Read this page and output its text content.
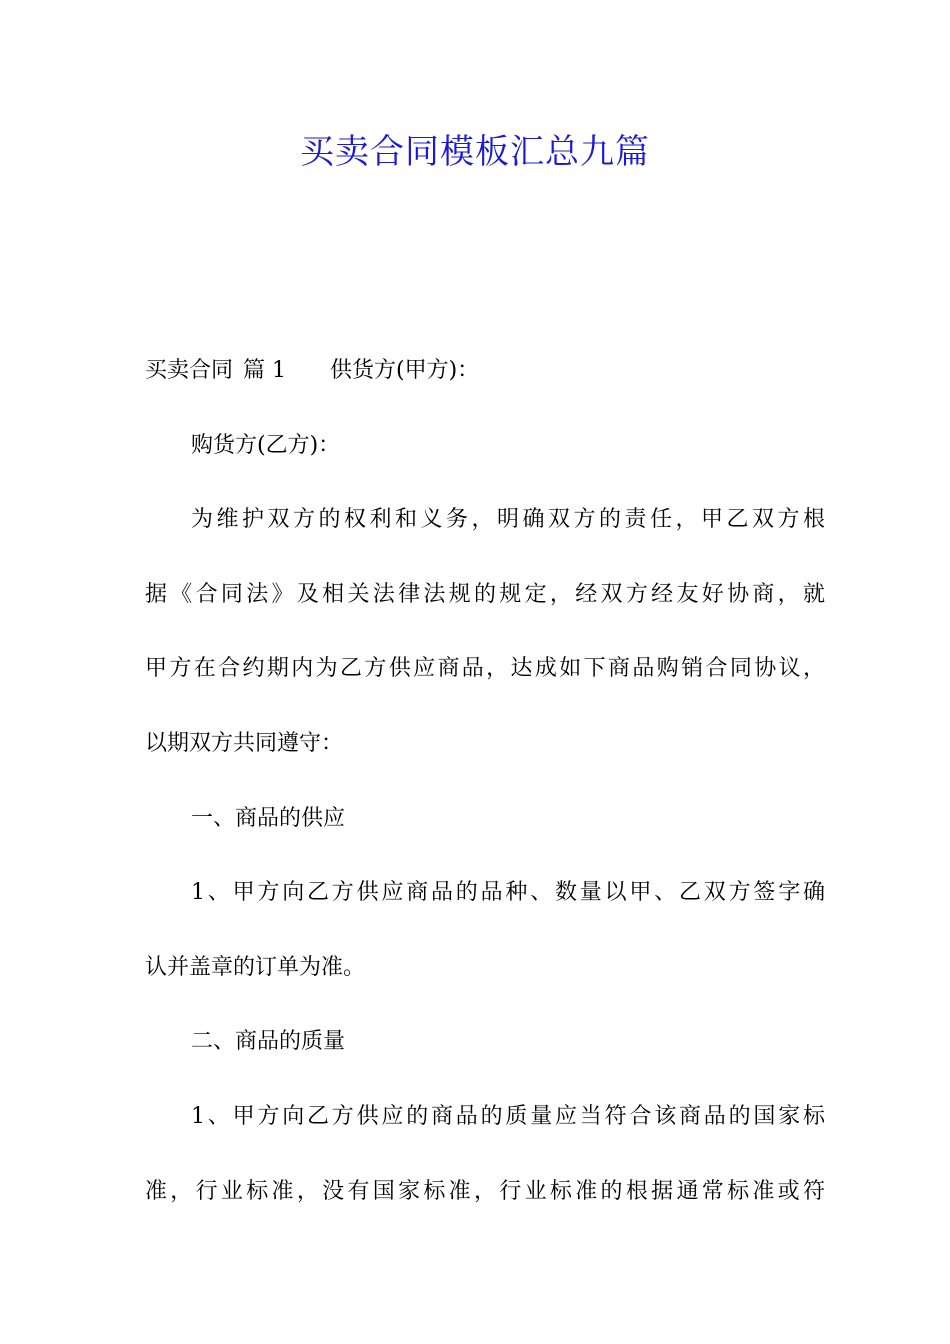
买卖合同模板汇总九篇
买卖合同 篇 1 供货方(甲方)：
购货方(乙方)：
为维护双方的权利和义务，明确双方的责任，甲乙双方根
据《合同法》及相关法律法规的规定，经双方经友好协商，就
甲方在合约期内为乙方供应商品，达成如下商品购销合同协议，
以期双方共同遵守：
一、商品的供应
1、甲方向乙方供应商品的品种、数量以甲、乙双方签字确
认并盖章的订单为准。
二、商品的质量
1、甲方向乙方供应的商品的质量应当符合该商品的国家标
准，行业标准，没有国家标准，行业标准的根据通常标准或符
